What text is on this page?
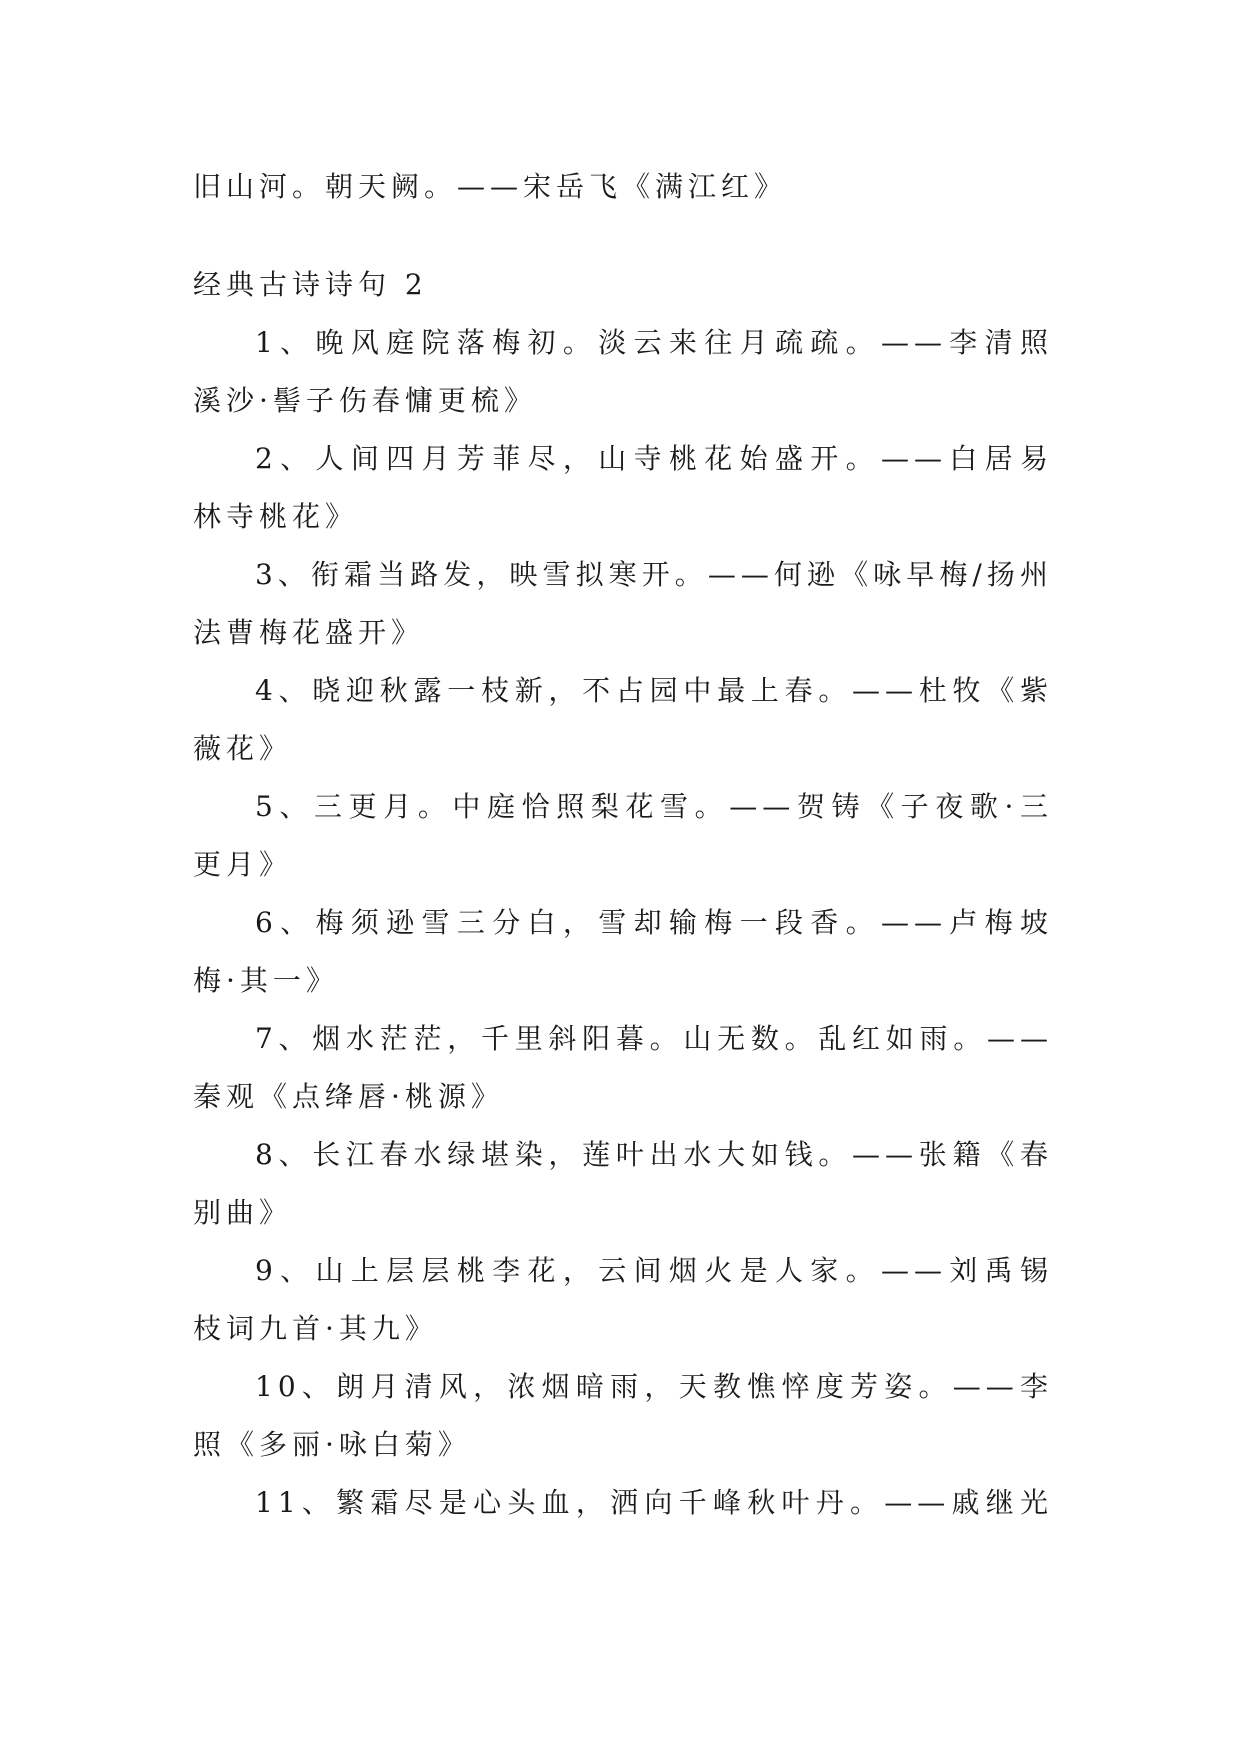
旧山河。朝天阙。——宋岳飞《满江红》

经典古诗诗句 2

1、晚风庭院落梅初。淡云来往月疏疏。——李清照

溪沙·髻子伤春慵更梳》

2、人间四月芳菲尽，山寺桃花始盛开。——白居易

林寺桃花》

3、衔霜当路发，映雪拟寒开。——何逊《咏早梅/扬州

法曹梅花盛开》

4、晓迎秋露一枝新，不占园中最上春。——杜牧《紫

薇花》

5、三更月。中庭恰照梨花雪。——贺铸《子夜歌·三

更月》

6、梅须逊雪三分白，雪却输梅一段香。——卢梅坡

梅·其一》

7、烟水茫茫，千里斜阳暮。山无数。乱红如雨。——

秦观《点绛唇·桃源》

8、长江春水绿堪染，莲叶出水大如钱。——张籍《春

别曲》

9、山上层层桃李花，云间烟火是人家。——刘禹锡

枝词九首·其九》

10、朗月清风，浓烟暗雨，天教憔悴度芳姿。——李

照《多丽·咏白菊》

11、繁霜尽是心头血，洒向千峰秋叶丹。——戚继光
